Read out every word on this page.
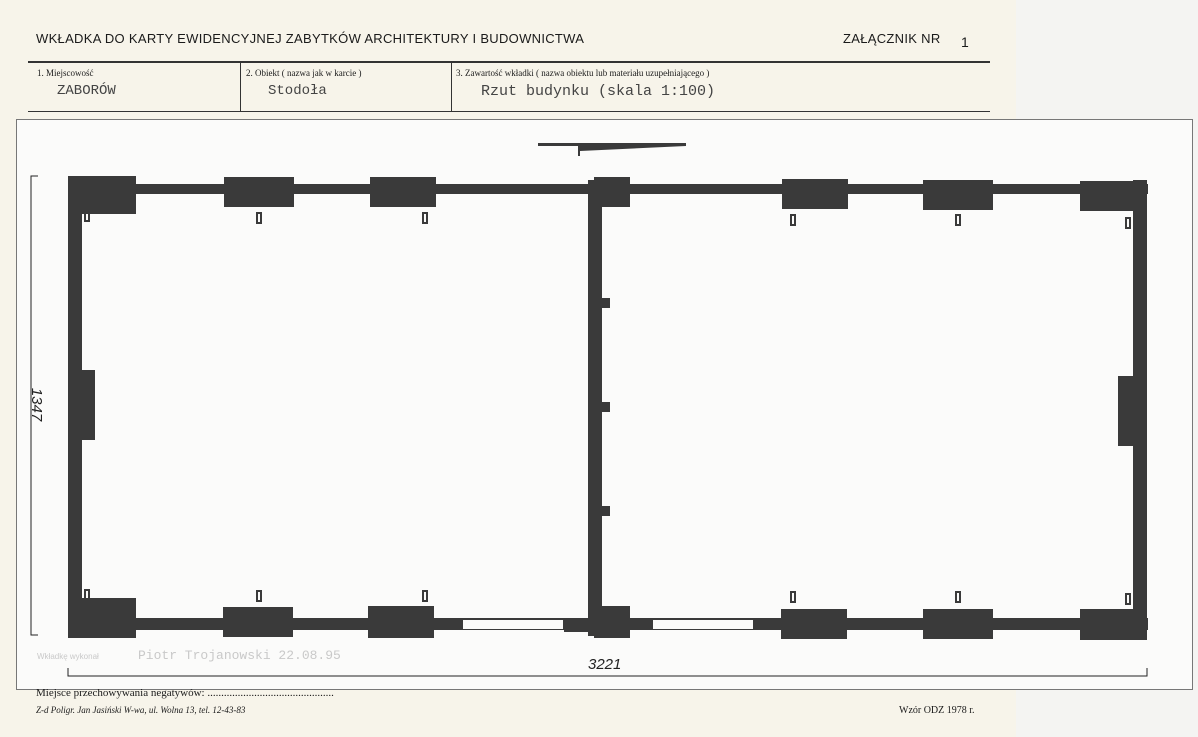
WKŁADKA DO KARTY EWIDENCYJNEJ ZABYTKÓW ARCHITEKTURY I BUDOWNICTWA	ZAŁĄCZNIK NR 1
1. Miejscowość
ZABORÓW
2. Obiekt ( nazwa jak w karcie )
Stodoła
3. Zawartość wkładki ( nazwa obiektu lub materiału uzupełniającego )
Rzut budynku (skala 1:100)
3221
1347
Wkładkę wykonał	Piotr Trojanowski 22.08.95
Miejsce przechowywania negatywów: ..............................................
Z-d Poligr. Jan Jasiński W-wa, ul. Wolna 13, tel. 12-43-83	Wzór ODZ 1978 r.
